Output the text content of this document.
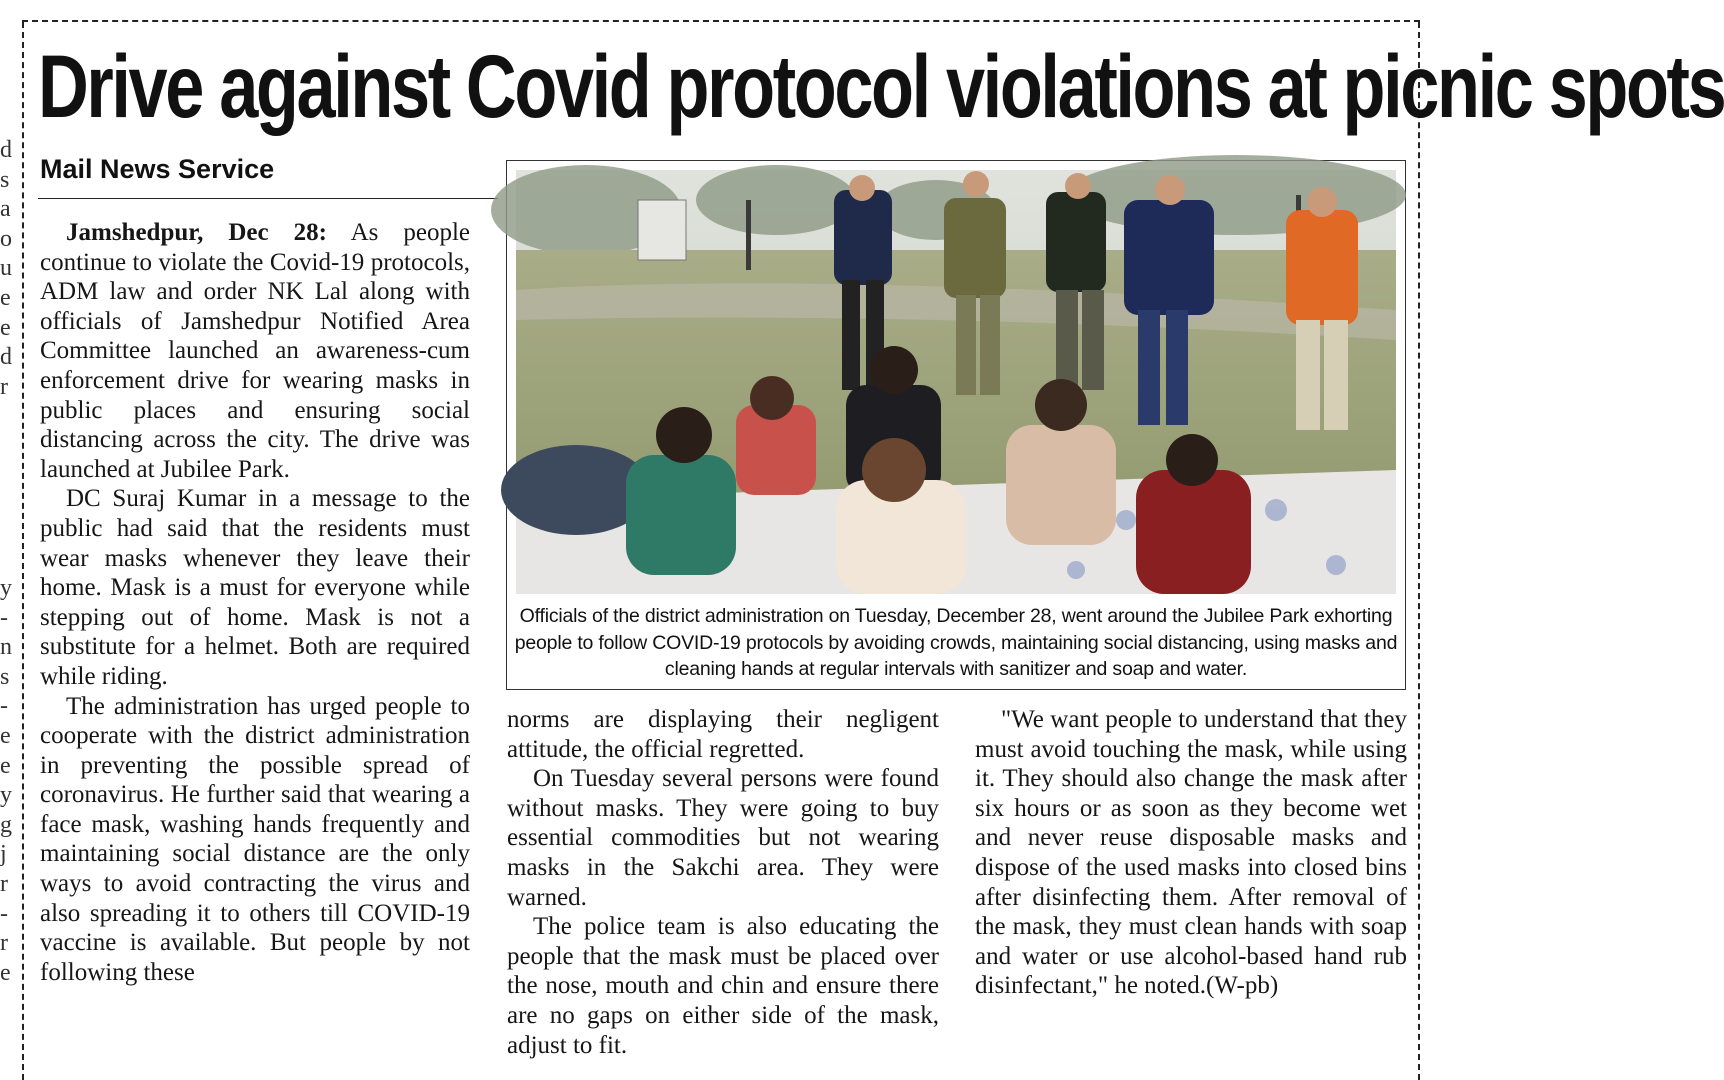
d
s
a
o
u
e
e
d
r
y
-
n
s
-
e
e
y
g
j
r
-
r
e
Drive against Covid protocol violations at picnic spots
Mail News Service

Jamshedpur, Dec 28: As people continue to violate the Covid-19 protocols, ADM law and order NK Lal along with officials of Jamshedpur Notified Area Committee launched an awareness-cum enforcement drive for wearing masks in public places and ensuring social distancing across the city. The drive was launched at Jubilee Park.

DC Suraj Kumar in a message to the public had said that the residents must wear masks whenever they leave their home. Mask is a must for everyone while stepping out of home. Mask is not a substitute for a helmet. Both are required while riding.

The administration has urged people to cooperate with the district administration in preventing the possible spread of coronavirus. He further said that wearing a face mask, washing hands frequently and maintaining social distance are the only ways to avoid contracting the virus and also spreading it to others till COVID-19 vaccine is available. But people by not following these

Officials of the district administration on Tuesday, December 28, went around the Jubilee Park exhorting people to follow COVID-19 protocols by avoiding crowds, maintaining social distancing, using masks and cleaning hands at regular intervals with sanitizer and soap and water.

norms are displaying their negligent attitude, the official regretted.

On Tuesday several persons were found without masks. They were going to buy essential commodities but not wearing masks in the Sakchi area. They were warned.

The police team is also educating the people that the mask must be placed over the nose, mouth and chin and ensure there are no gaps on either side of the mask, adjust to fit.

"We want people to understand that they must avoid touching the mask, while using it. They should also change the mask after six hours or as soon as they become wet and never reuse disposable masks and dispose of the used masks into closed bins after disinfecting them. After removal of the mask, they must clean hands with soap and water or use alcohol-based hand rub disinfectant," he noted.(W-pb)
